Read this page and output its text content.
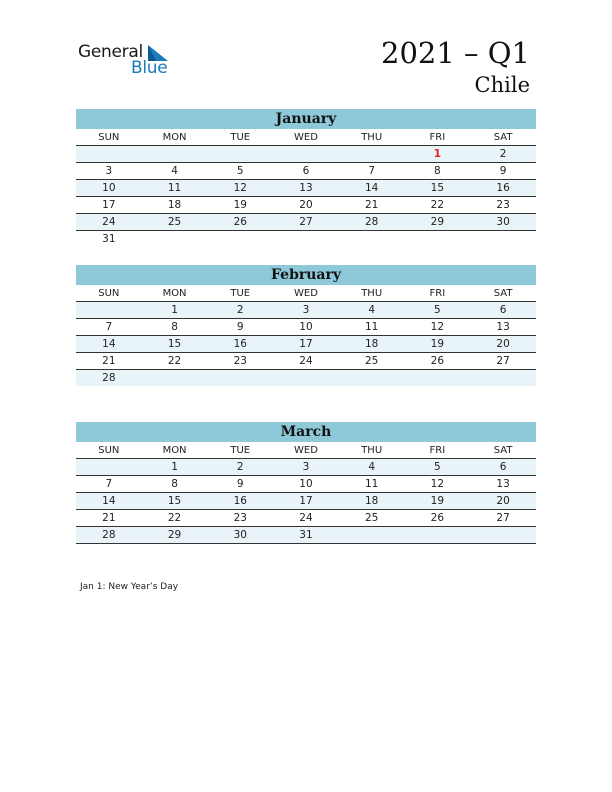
General
Blue	2021 – Q1
Chile
January
SUN	MON	TUE	WED	THU	FRI	SAT
					1	2
3	4	5	6	7	8	9
10	11	12	13	14	15	16
17	18	19	20	21	22	23
24	25	26	27	28	29	30
31						
February
SUN	MON	TUE	WED	THU	FRI	SAT
	1	2	3	4	5	6
7	8	9	10	11	12	13
14	15	16	17	18	19	20
21	22	23	24	25	26	27
28						
March
SUN	MON	TUE	WED	THU	FRI	SAT
	1	2	3	4	5	6
7	8	9	10	11	12	13
14	15	16	17	18	19	20
21	22	23	24	25	26	27
28	29	30	31			
Jan 1: New Year’s Day
